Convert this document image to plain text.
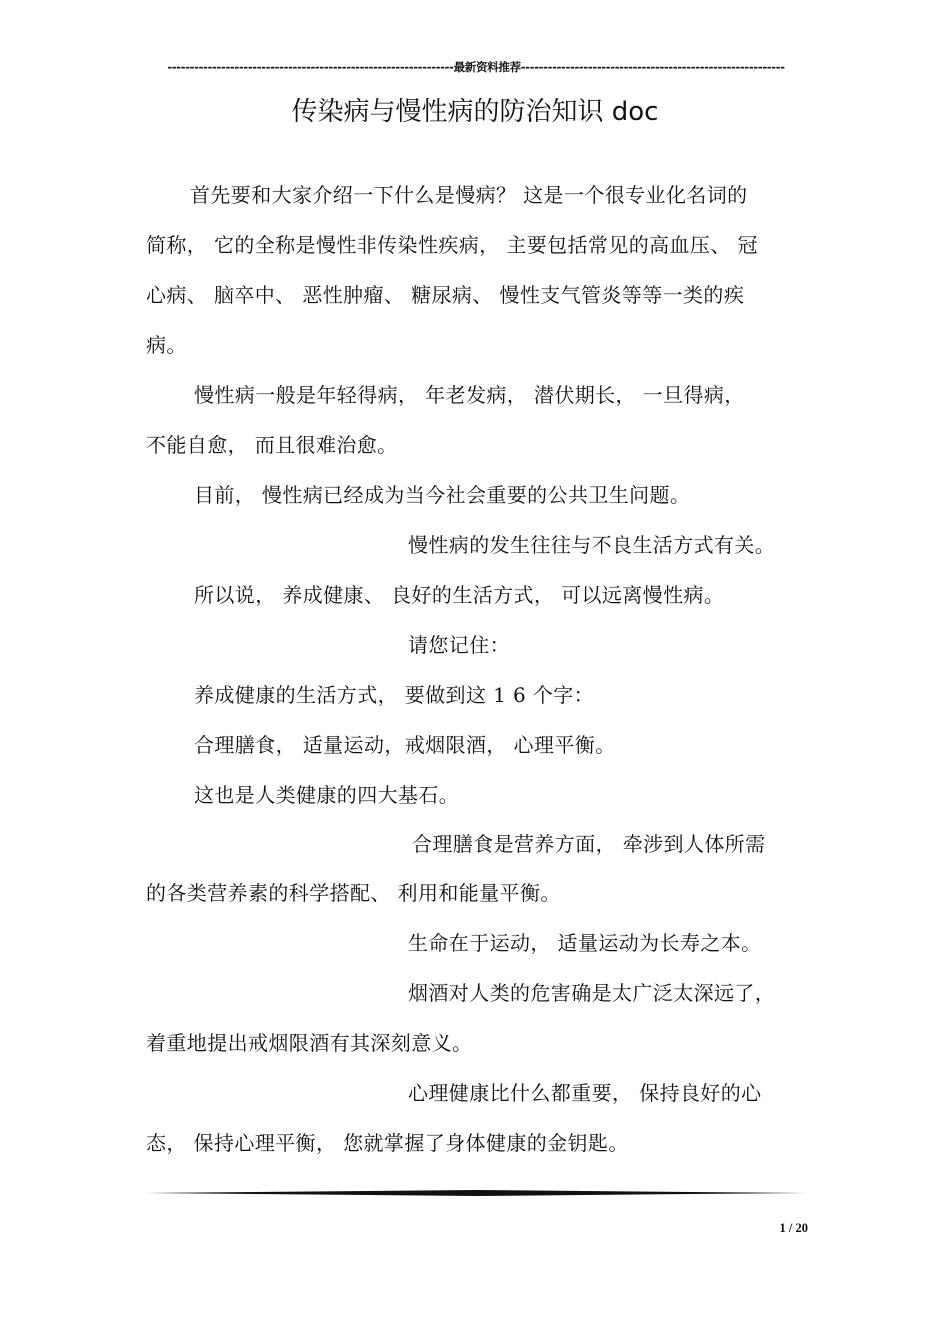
----------------------------------------------------------------最新资料推荐-----------------------------------------------------------
传染病与慢性病的防治知识 doc
首先要和大家介绍一下什么是慢病？ 这是一个很专业化名词的
简称， 它的全称是慢性非传染性疾病， 主要包括常见的高血压、 冠
心病、 脑卒中、 恶性肿瘤、 糖尿病、 慢性支气管炎等等一类的疾
病。
慢性病一般是年轻得病， 年老发病， 潜伏期长， 一旦得病，
不能自愈， 而且很难治愈。
目前， 慢性病已经成为当今社会重要的公共卫生问题。
慢性病的发生往往与不良生活方式有关。
所以说， 养成健康、 良好的生活方式， 可以远离慢性病。
请您记住：
养成健康的生活方式， 要做到这 1 6 个字：
合理膳食， 适量运动，戒烟限酒， 心理平衡。
这也是人类健康的四大基石。
合理膳食是营养方面， 牵涉到人体所需
的各类营养素的科学搭配、 利用和能量平衡。
生命在于运动， 适量运动为长寿之本。
烟酒对人类的危害确是太广泛太深远了，
着重地提出戒烟限酒有其深刻意义。
心理健康比什么都重要， 保持良好的心
态， 保持心理平衡， 您就掌握了身体健康的金钥匙。
1 / 20
